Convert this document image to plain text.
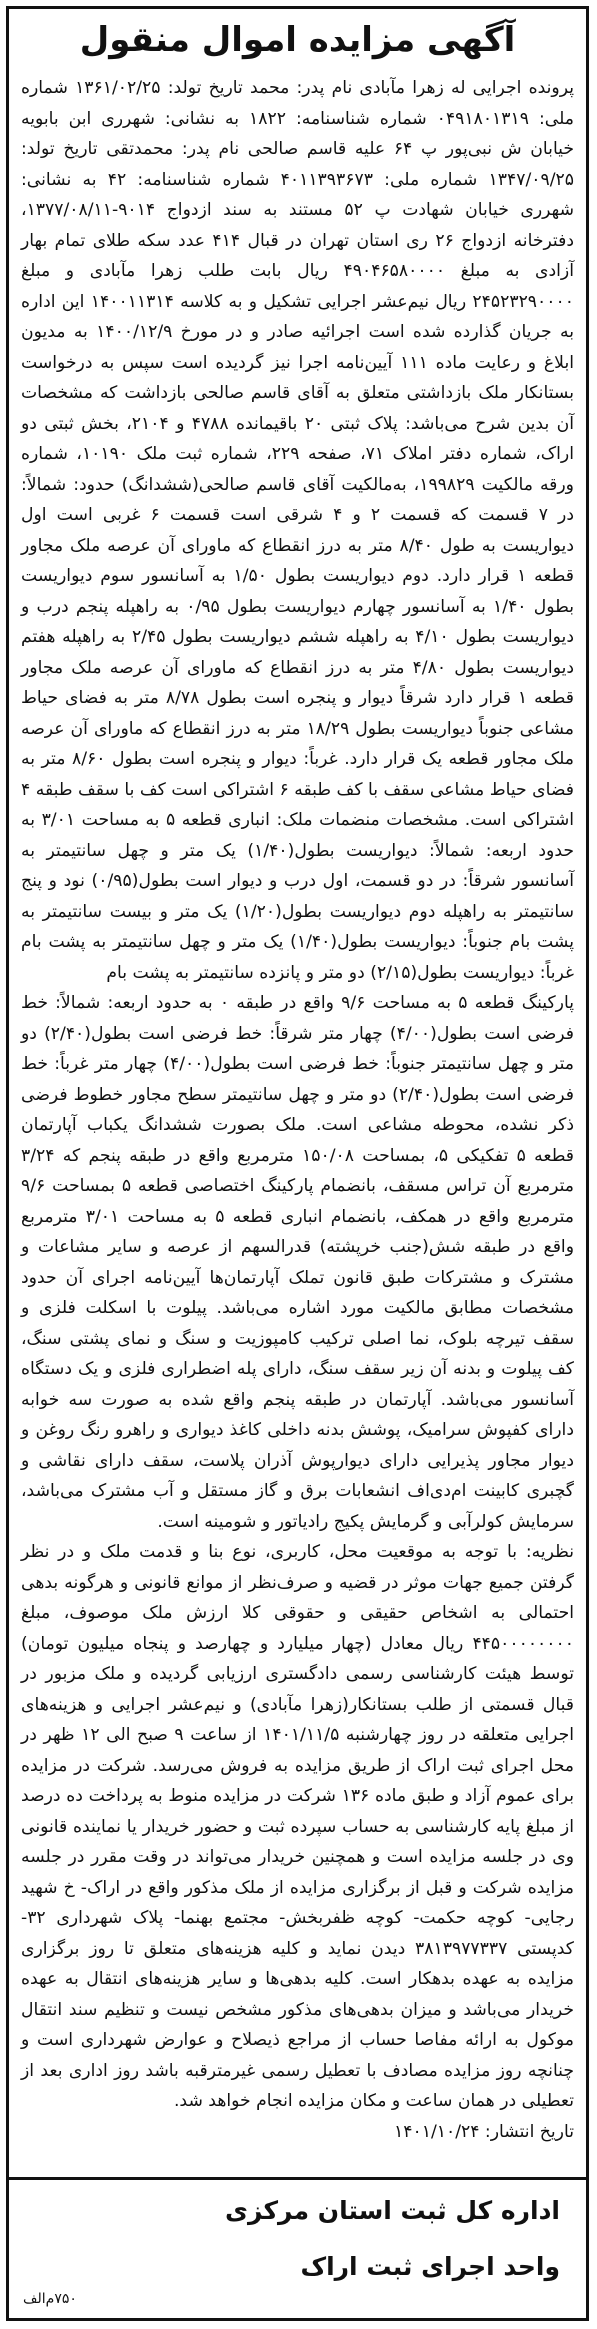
آگهی مزایده اموال منقول

پرونده اجرایی له زهرا مآبادی نام پدر: محمد تاریخ تولد: ۱۳۶۱/۰۲/۲۵ شماره ملی: ۰۴۹۱۸۰۱۳۱۹ شماره شناسنامه: ۱۸۲۲ به نشانی: شهرری ابن بابویه خیابان ش نبی‌پور پ ۶۴ علیه قاسم صالحی نام پدر: محمدتقی تاریخ تولد: ۱۳۴۷/۰۹/۲۵ شماره ملی: ۴۰۱۱۳۹۳۶۷۳ شماره شناسنامه: ۴۲ به نشانی: شهرری خیابان شهادت پ ۵۲ مستند به سند ازدواج ۹۰۱۴-۱۳۷۷/۰۸/۱۱، دفترخانه ازدواج ۲۶ ری استان تهران در قبال ۴۱۴ عدد سکه طلای تمام بهار آزادی به مبلغ ۴۹۰۴۶۵۸۰۰۰۰ ریال بابت طلب زهرا مآبادی و مبلغ ۲۴۵۲۳۲۹۰۰۰۰ ریال نیم‌عشر اجرایی تشکیل و به کلاسه ۱۴۰۰۱۱۳۱۴ این اداره به جریان گذارده شده است اجرائیه صادر و در مورخ ۱۴۰۰/۱۲/۹ به مدیون ابلاغ و رعایت ماده ۱۱۱ آیین‌نامه اجرا نیز گردیده است سپس به درخواست بستانکار ملک بازداشتی متعلق به آقای قاسم صالحی بازداشت که مشخصات آن بدین شرح می‌باشد: پلاک ثبتی ۲۰ باقیمانده ۴۷۸۸ و ۲۱۰۴، بخش ثبتی دو اراک، شماره دفتر املاک ۷۱، صفحه ۲۲۹، شماره ثبت ملک ۱۰۱۹۰، شماره ورقه مالکیت ۱۹۹۸۲۹، به‌مالکیت آقای قاسم صالحی(ششدانگ) حدود: شمالاً: در ۷ قسمت که قسمت ۲ و ۴ شرقی است قسمت ۶ غربی است اول دیواریست به طول ۸/۴۰ متر به درز انقطاع که ماورای آن عرصه ملک مجاور قطعه ۱ قرار دارد. دوم دیواریست بطول ۱/۵۰ به آسانسور سوم دیواریست بطول ۱/۴۰ به آسانسور چهارم دیواریست بطول ۰/۹۵ به راهپله پنجم درب و دیواریست بطول ۴/۱۰ به راهپله ششم دیواریست بطول ۲/۴۵ به راهپله هفتم دیواریست بطول ۴/۸۰ متر به درز انقطاع که ماورای آن عرصه ملک مجاور قطعه ۱ قرار دارد شرقاً دیوار و پنجره است بطول ۸/۷۸ متر به فضای حیاط مشاعی جنوباً دیواریست بطول ۱۸/۲۹ متر به درز انقطاع که ماورای آن عرصه ملک مجاور قطعه یک قرار دارد. غرباً: دیوار و پنجره است بطول ۸/۶۰ متر به فضای حیاط مشاعی سقف با کف طبقه ۶ اشتراکی است کف با سقف طبقه ۴ اشتراکی است. مشخصات منضمات ملک: انباری قطعه ۵ به مساحت ۳/۰۱ به حدود اربعه: شمالاً: دیواریست بطول(۱/۴۰) یک متر و چهل سانتیمتر به آسانسور شرقاً: در دو قسمت، اول درب و دیوار است بطول(۰/۹۵) نود و پنج سانتیمتر به راهپله دوم دیواریست بطول(۱/۲۰) یک متر و بیست سانتیمتر به پشت بام جنوباً: دیواریست بطول(۱/۴۰) یک متر و چهل سانتیمتر به پشت بام غرباً: دیواریست بطول(۲/۱۵) دو متر و پانزده سانتیمتر به پشت بام

پارکینگ قطعه ۵ به مساحت ۹/۶ واقع در طبقه ۰ به حدود اربعه: شمالاً: خط فرضی است بطول(۴/۰۰) چهار متر شرقاً: خط فرضی است بطول(۲/۴۰) دو متر و چهل سانتیمتر جنوباً: خط فرضی است بطول(۴/۰۰) چهار متر غرباً: خط فرضی است بطول(۲/۴۰) دو متر و چهل سانتیمتر سطح مجاور خطوط فرضی ذکر نشده، محوطه مشاعی است. ملک بصورت ششدانگ یکباب آپارتمان قطعه ۵ تفکیکی ۵، بمساحت ۱۵۰/۰۸ مترمربع واقع در طبقه پنجم که ۳/۲۴ مترمربع آن تراس مسقف، بانضمام پارکینگ اختصاصی قطعه ۵ بمساحت ۹/۶ مترمربع واقع در همکف، بانضمام انباری قطعه ۵ به مساحت ۳/۰۱ مترمربع واقع در طبقه شش(جنب خرپشته) قدرالسهم از عرصه و سایر مشاعات و مشترک و مشترکات طبق قانون تملک آپارتمان‌ها آیین‌نامه اجرای آن حدود مشخصات مطابق مالکیت مورد اشاره می‌باشد. پیلوت با اسکلت فلزی و سقف تیرچه بلوک، نما اصلی ترکیب کامپوزیت و سنگ و نمای پشتی سنگ، کف پیلوت و بدنه آن زیر سقف سنگ، دارای پله اضطراری فلزی و یک دستگاه آسانسور می‌باشد. آپارتمان در طبقه پنجم واقع شده به صورت سه خوابه دارای کفپوش سرامیک، پوشش بدنه داخلی کاغذ دیواری و راهرو رنگ روغن و دیوار مجاور پذیرایی دارای دیوارپوش آذران پلاست، سقف دارای نقاشی و گچبری کابینت ام‌دی‌اف انشعابات برق و گاز مستقل و آب مشترک می‌باشد، سرمایش کولرآبی و گرمایش پکیج رادیاتور و شومینه است.

نظریه: با توجه به موقعیت محل، کاربری، نوع بنا و قدمت ملک و در نظر گرفتن جمیع جهات موثر در قضیه و صرف‌نظر از موانع قانونی و هرگونه بدهی احتمالی به اشخاص حقیقی و حقوقی کلا ارزش ملک موصوف، مبلغ ۴۴۵۰۰۰۰۰۰۰۰ ریال معادل (چهار میلیارد و چهارصد و پنجاه میلیون تومان) توسط هیئت کارشناسی رسمی دادگستری ارزیابی گردیده و ملک مزبور در قبال قسمتی از طلب بستانکار(زهرا مآبادی) و نیم‌عشر اجرایی و هزینه‌های اجرایی متعلقه در روز چهارشنبه ۱۴۰۱/۱۱/۵ از ساعت ۹ صبح الی ۱۲ ظهر در محل اجرای ثبت اراک از طریق مزایده به فروش می‌رسد. شرکت در مزایده برای عموم آزاد و طبق ماده ۱۳۶ شرکت در مزایده منوط به پرداخت ده درصد از مبلغ پایه کارشناسی به حساب سپرده ثبت و حضور خریدار یا نماینده قانونی وی در جلسه مزایده است و همچنین خریدار می‌تواند در وقت مقرر در جلسه مزایده شرکت و قبل از برگزاری مزایده از ملک مذکور واقع در اراک- خ شهید رجایی- کوچه حکمت- کوچه ظفربخش- مجتمع بهنما- پلاک شهرداری ۳۲- کدپستی ۳۸۱۳۹۷۷۳۳۷ دیدن نماید و کلیه هزینه‌های متعلق تا روز برگزاری مزایده به عهده بدهکار است. کلیه بدهی‌ها و سایر هزینه‌های انتقال به عهده خریدار می‌باشد و میزان بدهی‌های مذکور مشخص نیست و تنظیم سند انتقال موکول به ارائه مفاصا حساب از مراجع ذیصلاح و عوارض شهرداری است و چنانچه روز مزایده مصادف با تعطیل رسمی غیرمترقبه باشد روز اداری بعد از تعطیلی در همان ساعت و مکان مزایده انجام خواهد شد.

تاریخ انتشار: ۱۴۰۱/۱۰/۲۴

اداره کل ثبت استان مرکزی
واحد اجرای ثبت اراک
۷۵۰م‌الف
